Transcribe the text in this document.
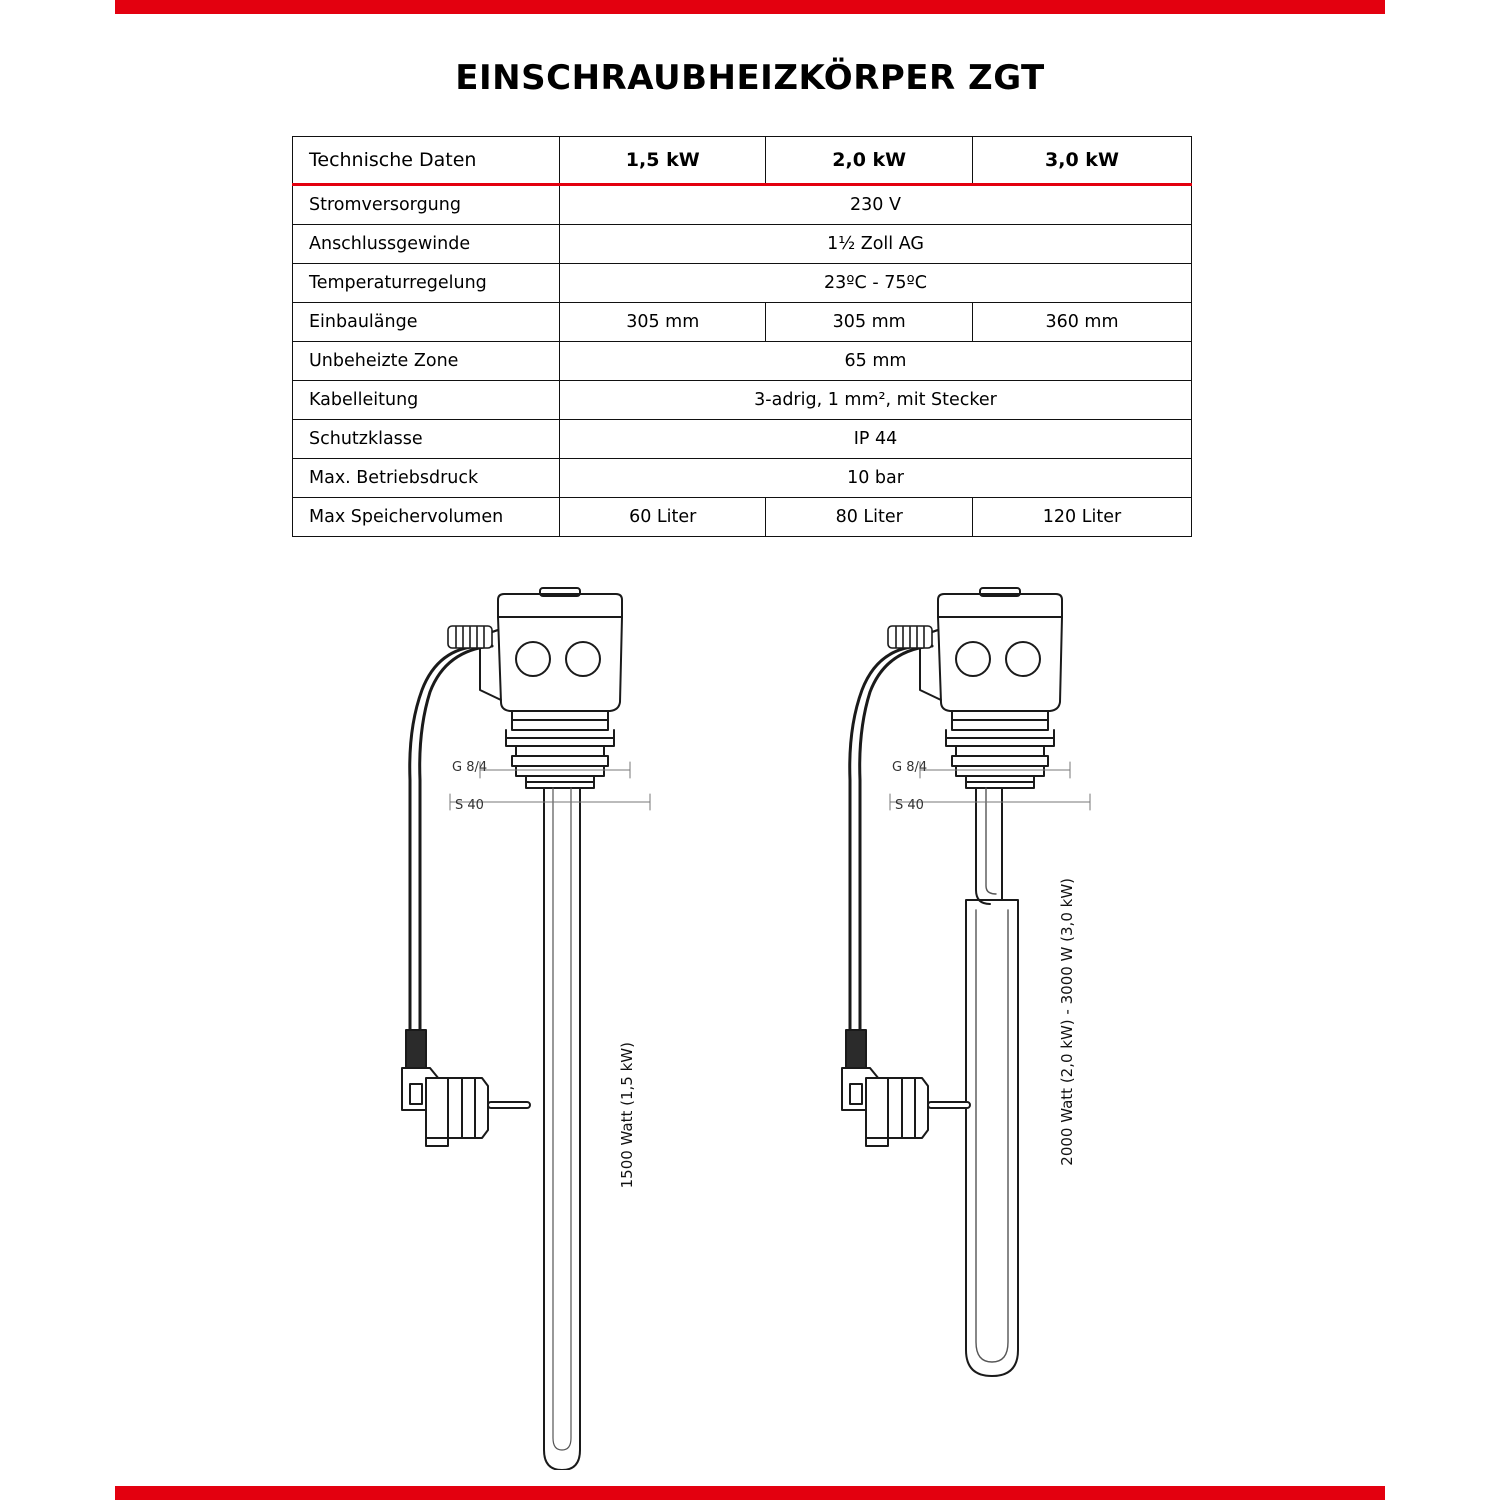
EINSCHRAUBHEIZKÖRPER ZGT
Technische Daten	1,5 kW	2,0 kW	3,0 kW
Stromversorgung	230 V		
Anschlussgewinde	1½ Zoll AG		
Temperaturregelung	23ºC - 75ºC		
Einbaulänge	305 mm	305 mm	360 mm
Unbeheizte Zone	65 mm		
Kabelleitung	3-adrig, 1 mm², mit Stecker		
Schutzklasse	IP 44		
Max. Betriebsdruck	10 bar		
Max Speichervolumen	60 Liter	80 Liter	120 Liter
G 8/4
S 40
1500 Watt (1,5 kW)
G 8/4
S 40
2000 Watt (2,0 kW) - 3000 W (3,0 kW)
